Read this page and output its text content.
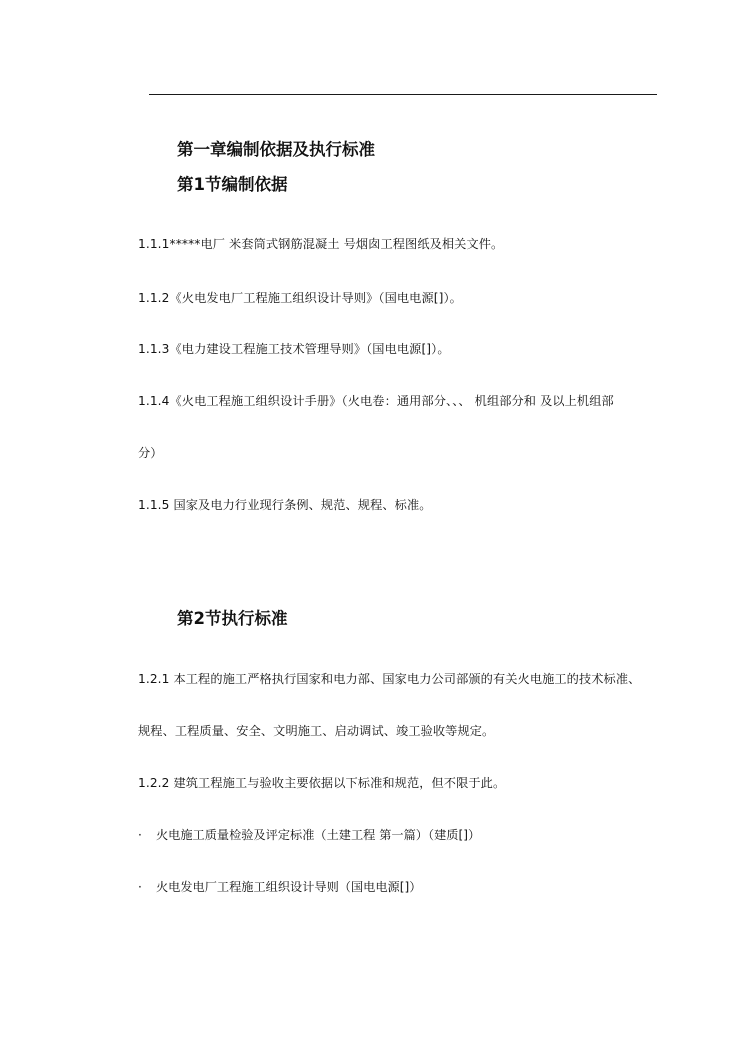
第一章编制依据及执行标准
第1节编制依据
1.1.1*****电厂 米套筒式钢筋混凝土 号烟囱工程图纸及相关文件。
1.1.2《火电发电厂工程施工组织设计导则》（国电电源[]）。
1.1.3《电力建设工程施工技术管理导则》（国电电源[]）。
1.1.4《火电工程施工组织设计手册》（火电卷：通用部分、、、 机组部分和 及以上机组部
分）
1.1.5 国家及电力行业现行条例、规范、规程、标准。
第2节执行标准
1.2.1 本工程的施工严格执行国家和电力部、国家电力公司部颁的有关火电施工的技术标准、
规程、工程质量、安全、文明施工、启动调试、竣工验收等规定。
1.2.2 建筑工程施工与验收主要依据以下标准和规范，但不限于此。
· 火电施工质量检验及评定标准（土建工程 第一篇）（建质[]）
· 火电发电厂工程施工组织设计导则（国电电源[]）
